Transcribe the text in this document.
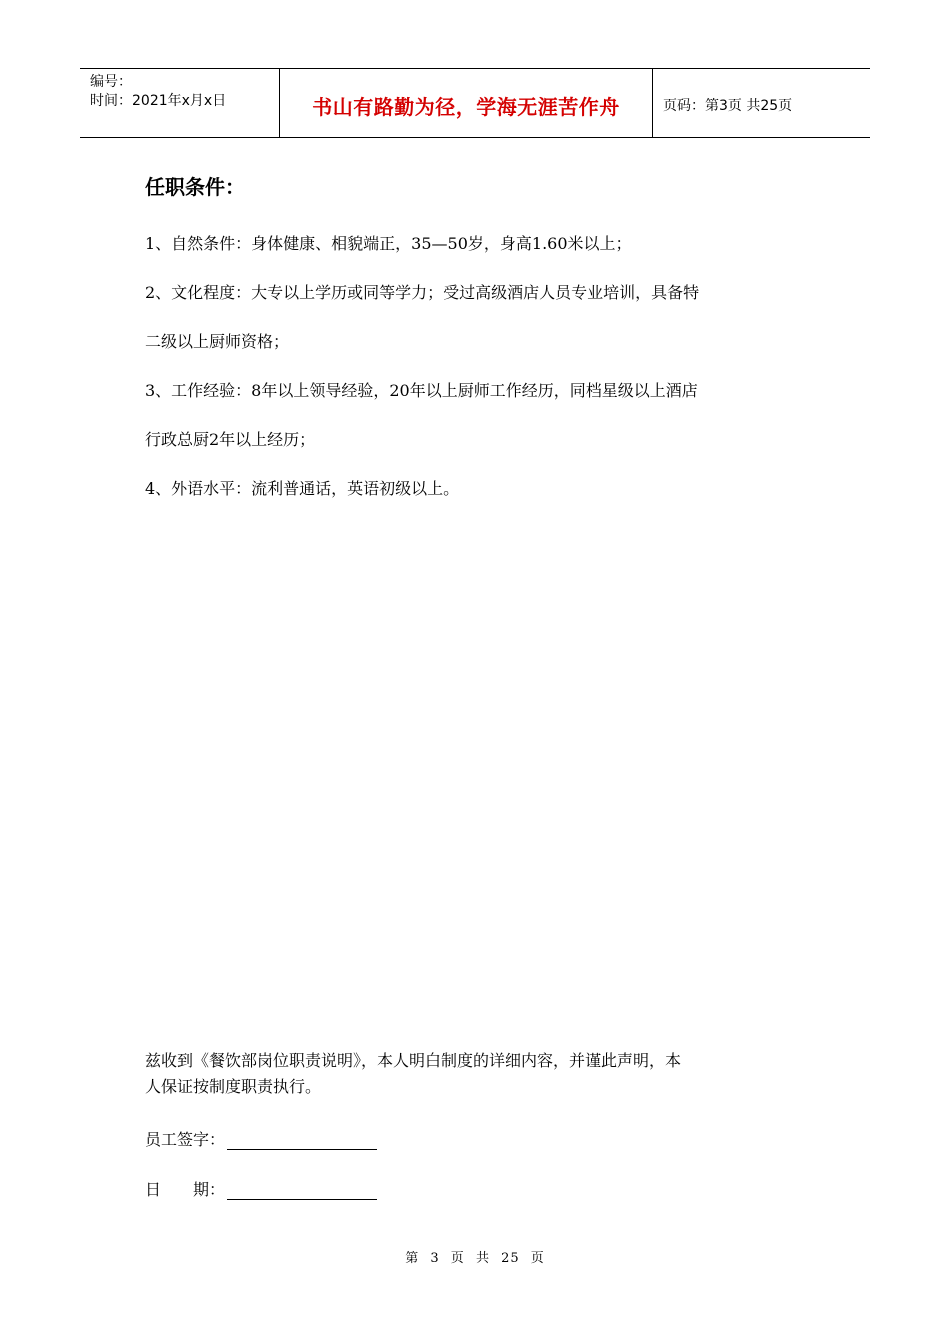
编号：
时间：2021年x月x日	书山有路勤为径，学海无涯苦作舟	页码：第3页 共25页
任职条件：

1、自然条件：身体健康、相貌端正，35—50岁，身高1.60米以上；

2、文化程度：大专以上学历或同等学力；受过高级酒店人员专业培训，具备特

二级以上厨师资格；

3、工作经验：8年以上领导经验，20年以上厨师工作经历，同档星级以上酒店

行政总厨2年以上经历；

4、外语水平：流利普通话，英语初级以上。

兹收到《餐饮部岗位职责说明》，本人明白制度的详细内容，并谨此声明，本
人保证按制度职责执行。
员工签字：
日　　期：
第 3 页 共 25 页
